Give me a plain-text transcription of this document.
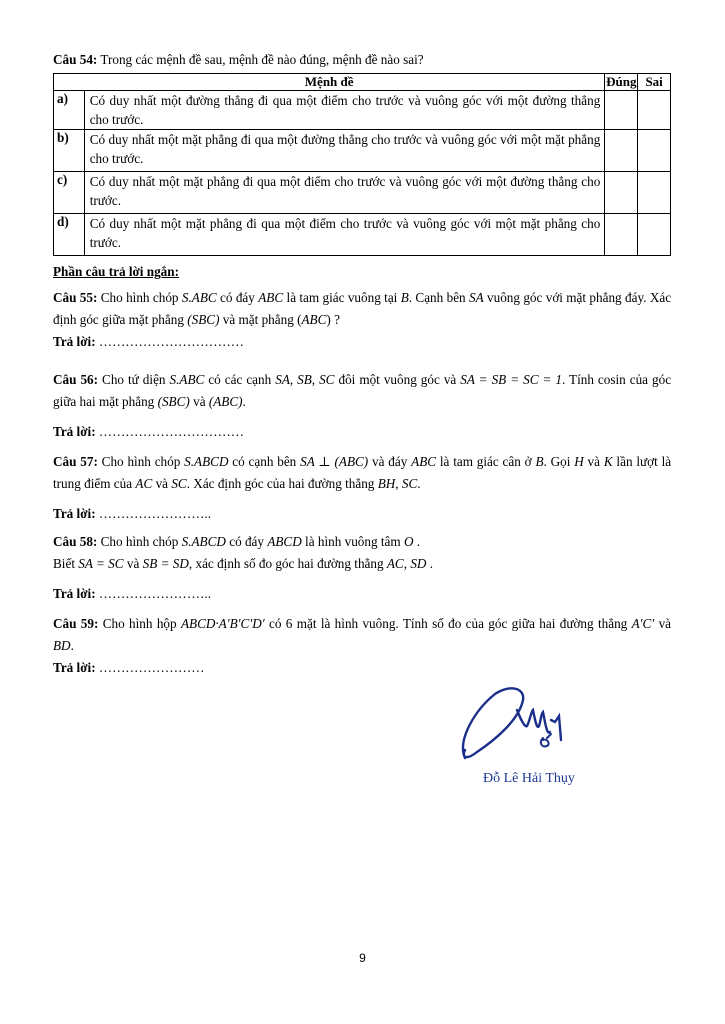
Câu 54: Trong các mệnh đề sau, mệnh đề nào đúng, mệnh đề nào sai?
Mệnh đề		Đúng	Sai
a)	Có duy nhất một đường thẳng đi qua một điểm cho trước và vuông góc với một đường thẳng cho trước.		
b)	Có duy nhất một mặt phẳng đi qua một đường thẳng cho trước và vuông góc với một mặt phẳng cho trước.		
c)	Có duy nhất một mặt phẳng đi qua một điểm cho trước và vuông góc với một đường thẳng cho trước.		
d)	Có duy nhất một mặt phẳng đi qua một điểm cho trước và vuông góc với một mặt phẳng cho trước.		
Phần câu trả lời ngắn:
Câu 55: Cho hình chóp S.ABC có đáy ABC là tam giác vuông tại B. Cạnh bên SA vuông góc với mặt phẳng đáy. Xác định góc giữa mặt phẳng (SBC) và mặt phẳng (ABC) ?
Trả lời: ……………………………
Câu 56: Cho tứ diện S.ABC có các cạnh SA, SB, SC đôi một vuông góc và SA = SB = SC = 1. Tính cosin của góc giữa hai mặt phẳng (SBC) và (ABC).
Trả lời: ……………………………
Câu 57: Cho hình chóp S.ABCD có cạnh bên SA ⊥ (ABC) và đáy ABC là tam giác cân ở B. Gọi H và K lần lượt là trung điểm của AC và SC. Xác định góc của hai đường thẳng BH, SC.
Trả lời: ……………………..
Câu 58: Cho hình chóp S.ABCD có đáy ABCD là hình vuông tâm O .
Biết SA = SC và SB = SD, xác định số đo góc hai đường thẳng AC, SD .
Trả lời: ……………………..
Câu 59: Cho hình hộp ABCD·A′B′C′D′ có 6 mặt là hình vuông. Tính số đo của góc giữa hai đường thẳng A′C′ và BD.
Trả lời: ……………………
Đỗ Lê Hải Thụy
9
